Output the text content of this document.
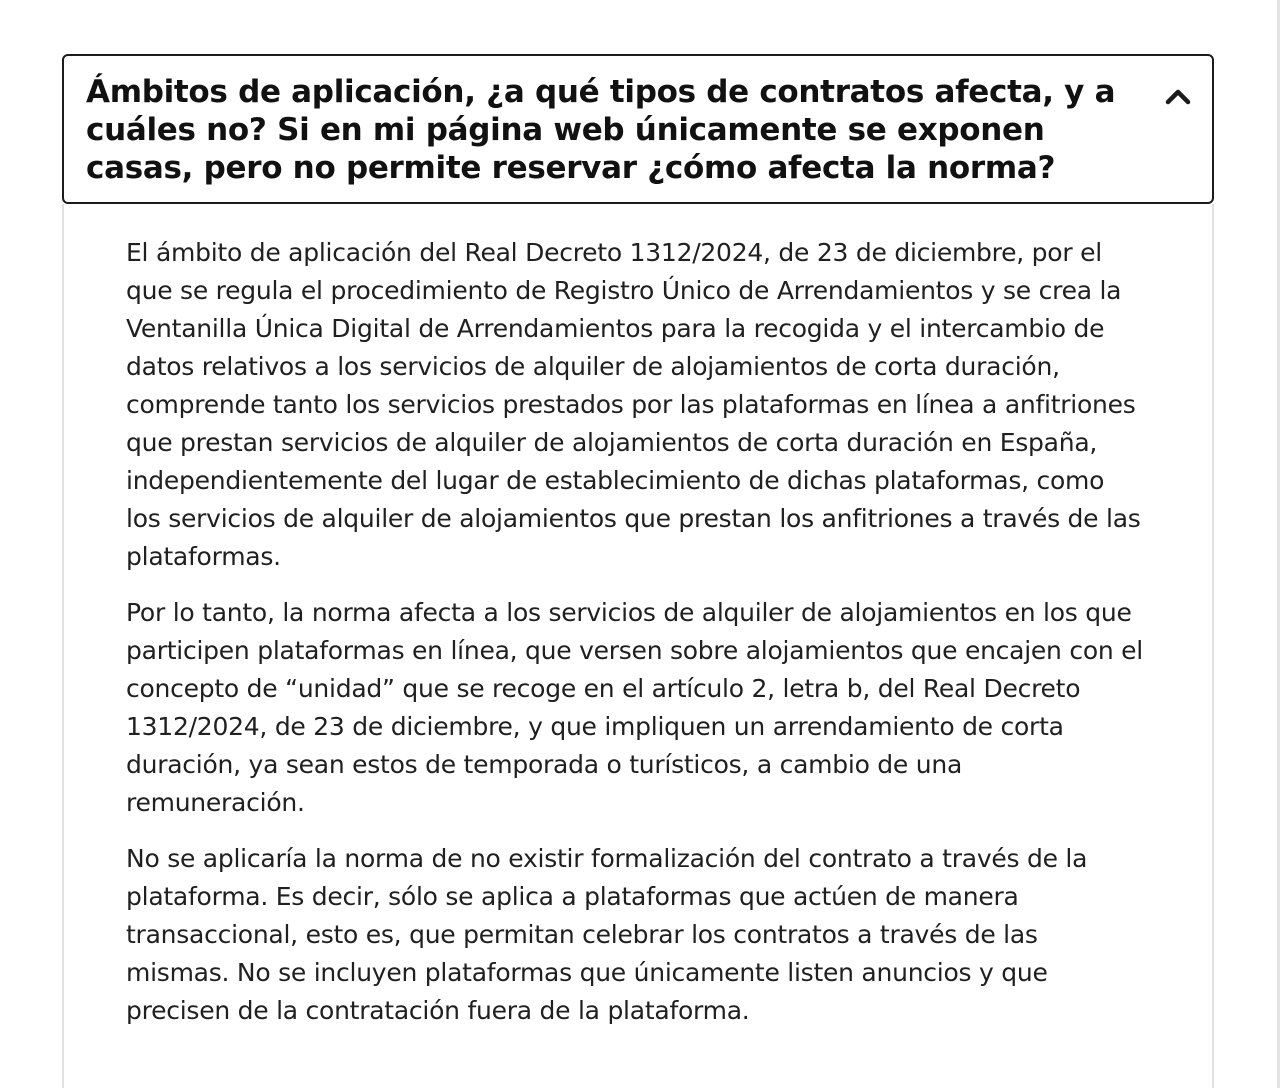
Ámbitos de aplicación, ¿a qué tipos de contratos afecta, y a cuáles no? Si en mi página web únicamente se exponen casas, pero no permite reservar ¿cómo afecta la norma?

El ámbito de aplicación del Real Decreto 1312/2024, de 23 de diciembre, por el que se regula el procedimiento de Registro Único de Arrendamientos y se crea la Ventanilla Única Digital de Arrendamientos para la recogida y el intercambio de datos relativos a los servicios de alquiler de alojamientos de corta duración, comprende tanto los servicios prestados por las plataformas en línea a anfitriones que prestan servicios de alquiler de alojamientos de corta duración en España, independientemente del lugar de establecimiento de dichas plataformas, como los servicios de alquiler de alojamientos que prestan los anfitriones a través de las plataformas.

Por lo tanto, la norma afecta a los servicios de alquiler de alojamientos en los que participen plataformas en línea, que versen sobre alojamientos que encajen con el concepto de “unidad” que se recoge en el artículo 2, letra b, del Real Decreto 1312/2024, de 23 de diciembre, y que impliquen un arrendamiento de corta duración, ya sean estos de temporada o turísticos, a cambio de una remuneración.

No se aplicaría la norma de no existir formalización del contrato a través de la plataforma. Es decir, sólo se aplica a plataformas que actúen de manera transaccional, esto es, que permitan celebrar los contratos a través de las mismas. No se incluyen plataformas que únicamente listen anuncios y que precisen de la contratación fuera de la plataforma.
